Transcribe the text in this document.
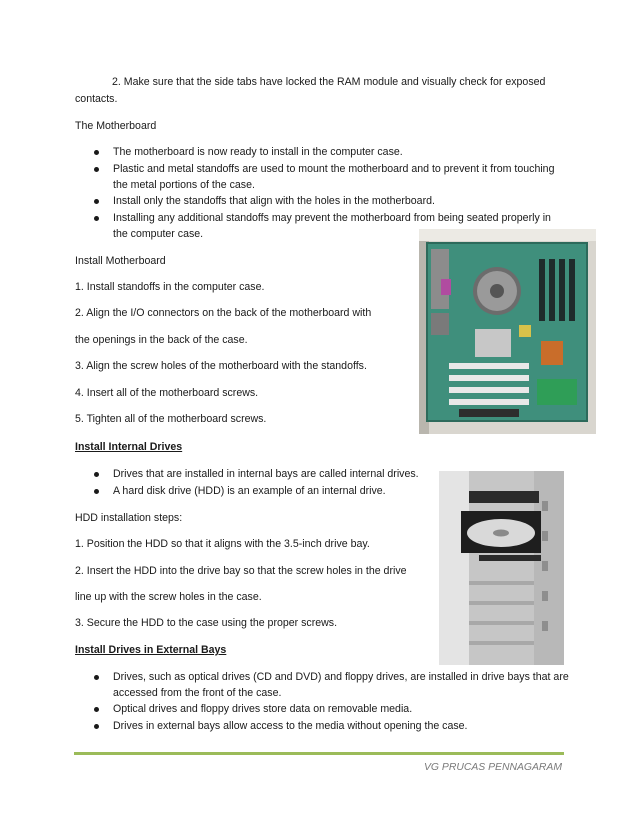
2. Make sure that the side tabs have locked the RAM module and visually check for exposed
contacts.
The Motherboard
The motherboard is now ready to install in the computer case.
Plastic and metal standoffs are used to mount the motherboard and to prevent it from touching
the metal portions of the case.
Install only the standoffs that align with the holes in the motherboard.
Installing any additional standoffs may prevent the motherboard from being seated properly in
the computer case.
Install Motherboard
1. Install standoffs in the computer case.
2. Align the I/O connectors on the back of the motherboard with
the openings in the back of the case.
3. Align the screw holes of the motherboard with the standoffs.
4. Insert all of the motherboard screws.
5. Tighten all of the motherboard screws.
Install Internal Drives
Drives that are installed in internal bays are called internal drives.
A hard disk drive (HDD) is an example of an internal drive.
HDD installation steps:
1. Position the HDD so that it aligns with the 3.5-inch drive bay.
2. Insert the HDD into the drive bay so that the screw holes in the drive
line up with the screw holes in the case.
3. Secure the HDD to the case using the proper screws.
Install Drives in External Bays
Drives, such as optical drives (CD and DVD) and floppy drives, are installed in drive bays that are
accessed from the front of the case.
Optical drives and floppy drives store data on removable media.
Drives in external bays allow access to the media without opening the case.
VG PRUCAS PENNAGARAM
